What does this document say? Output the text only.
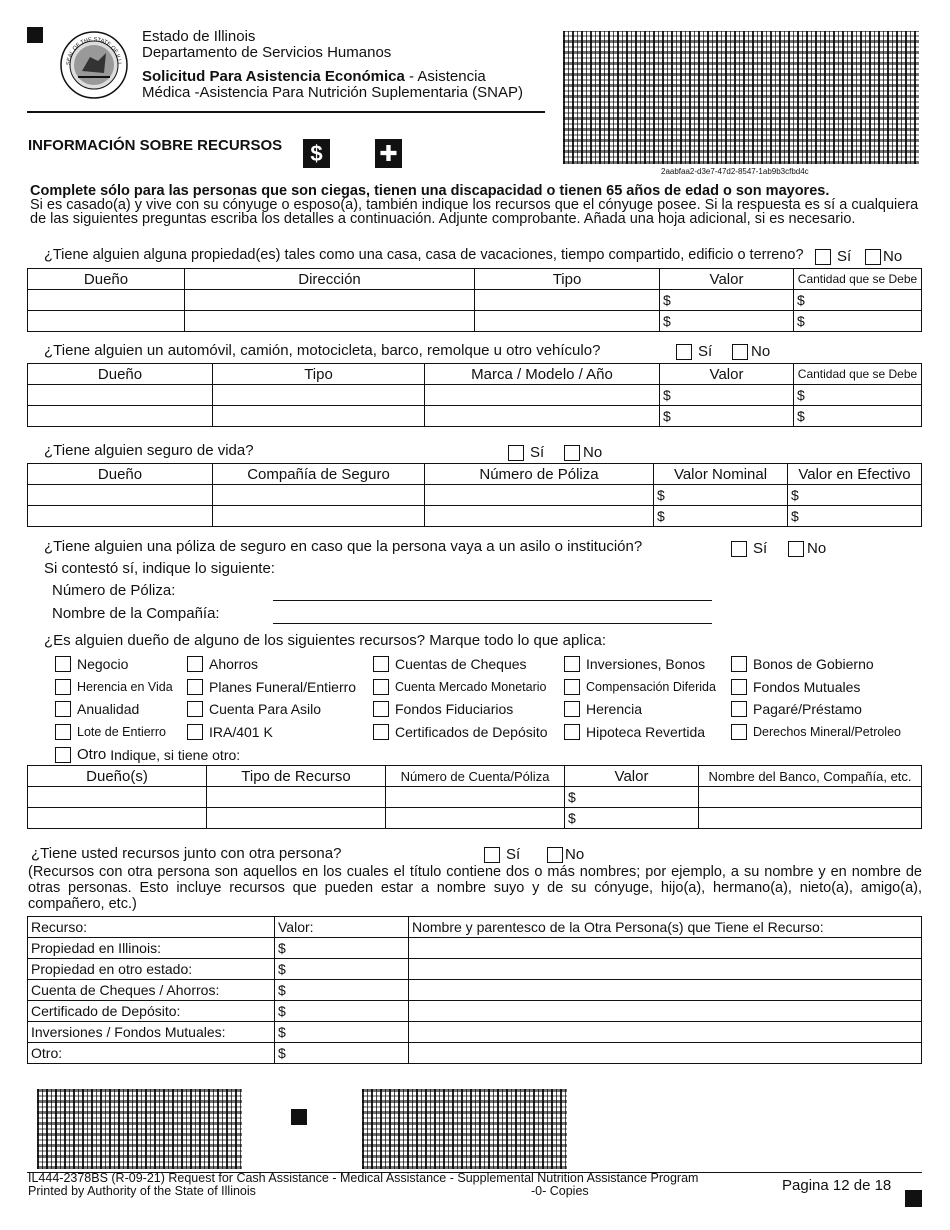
SEAL OF THE STATE OF ILLI
Estado de Illinois
Departamento de Servicios Humanos
Solicitud Para Asistencia Económica - Asistencia
Médica -Asistencia Para Nutrición Suplementaria (SNAP)
2aabfaa2-d3e7-47d2-8547-1ab9b3cfbd4c
INFORMACIÓN SOBRE RECURSOS	$	✚
Complete sólo para las personas que son ciegas, tienen una discapacidad o tienen 65 años de edad o son mayores.
Si es casado(a) y vive con su cónyuge o esposo(a), también indique los recursos que el cónyuge posee. Si la respuesta es sí a cualquiera de las siguientes preguntas escriba los detalles a continuación. Adjunte comprobante. Añada una hoja adicional, si es necesario.
¿Tiene alguien alguna propiedad(es) tales como una casa, casa de vacaciones, tiempo compartido, edificio o terreno? Sí No
Dueño	Dirección	Tipo	Valor	Cantidad que se Debe
			$	$
			$	$
¿Tiene alguien un automóvil, camión, motocicleta, barco, remolque u otro vehículo?	Sí	No
Dueño	Tipo	Marca / Modelo / Año	Valor	Cantidad que se Debe
			$	$
			$	$
¿Tiene alguien seguro de vida?	Sí	No
Dueño	Compañía de Seguro	Número de Póliza	Valor Nominal	Valor en Efectivo
			$	$
			$	$
¿Tiene alguien una póliza de seguro en caso que la persona vaya a un asilo o institución?	Sí	No
Si contestó sí, indique lo siguiente:
Número de Póliza:
Nombre de la Compañía:
¿Es alguien dueño de alguno de los siguientes recursos? Marque todo lo que aplica:
Negocio
Herencia en Vida
Anualidad
Lote de Entierro
Ahorros
Planes Funeral/Entierro
Cuenta Para Asilo
IRA/401 K
Cuentas de Cheques
Cuenta Mercado Monetario
Fondos Fiduciarios
Certificados de Depósito
Inversiones, Bonos
Compensación Diferida
Herencia
Hipoteca Revertida
Bonos de Gobierno
Fondos Mutuales
Pagaré/Préstamo
Derechos Mineral/Petroleo
Otro Indique, si tiene otro:
Dueño(s)	Tipo de Recurso	Número de Cuenta/Póliza	Valor	Nombre del Banco, Compañía, etc.
			$	
			$	
¿Tiene usted recursos junto con otra persona?	Sí	No
(Recursos con otra persona son aquellos en los cuales el título contiene dos o más nombres; por ejemplo, a su nombre y en nombre de otras personas. Esto incluye recursos que pueden estar a nombre suyo y de su cónyuge, hijo(a), hermano(a), nieto(a), amigo(a), compañero, etc.)
Recurso:	Valor:	Nombre y parentesco de la Otra Persona(s) que Tiene el Recurso:
Propiedad en Illinois:	$	
Propiedad en otro estado:	$	
Cuenta de Cheques / Ahorros:	$	
Certificado de Depósito:	$	
Inversiones / Fondos Mutuales:	$	
Otro:	$	
IL444-2378BS (R-09-21) Request for Cash Assistance - Medical Assistance - Supplemental Nutrition Assistance Program
Printed by Authority of the State of Illinois	-0- Copies	Pagina 12 de 18
